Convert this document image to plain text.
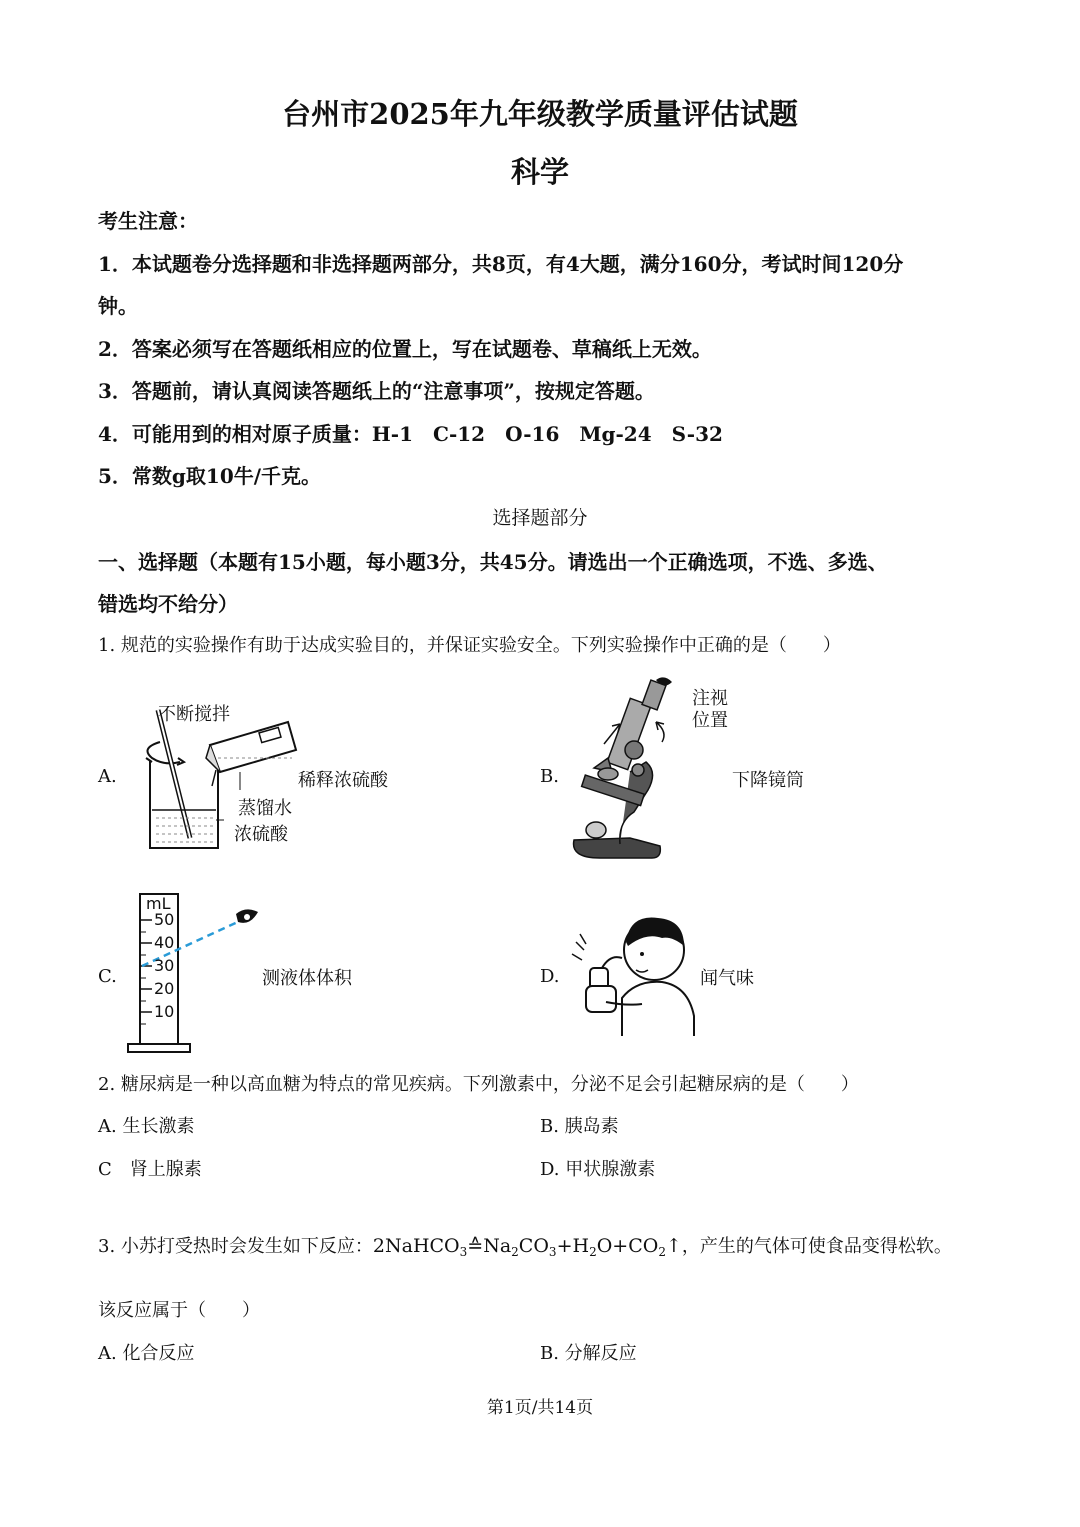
台州市2025年九年级教学质量评估试题
科学
考生注意：
1．本试题卷分选择题和非选择题两部分，共8页，有4大题，满分160分，考试时间120分
钟。
2．答案必须写在答题纸相应的位置上，写在试题卷、草稿纸上无效。
3．答题前，请认真阅读答题纸上的“注意事项”，按规定答题。
4．可能用到的相对原子质量：H-1　C-12　O-16　Mg-24　S-32
5．常数g取10牛/千克。
选择题部分
一、选择题（本题有15小题，每小题3分，共45分。请选出一个正确选项，不选、多选、
错选均不给分）
1. 规范的实验操作有助于达成实验目的，并保证实验安全。下列实验操作中正确的是（　　）
A.
不断搅拌
稀释浓硫酸
蒸馏水
浓硫酸
B.
注视
位置
下降镜筒
C.
mL
50
40
30
20
10
测液体体积	D.	闻气味
2. 糖尿病是一种以高血糖为特点的常见疾病。下列激素中，分泌不足会引起糖尿病的是（　　）
A. 生长激素	B. 胰岛素
C　肾上腺素	D. 甲状腺激素
3. 小苏打受热时会发生如下反应：$2NaHCO_3≙Na_2CO_3+H_2O+CO_2↑$，产生的气体可使食品变得松软。
该反应属于（　　）
A. 化合反应	B. 分解反应
第1页/共14页
